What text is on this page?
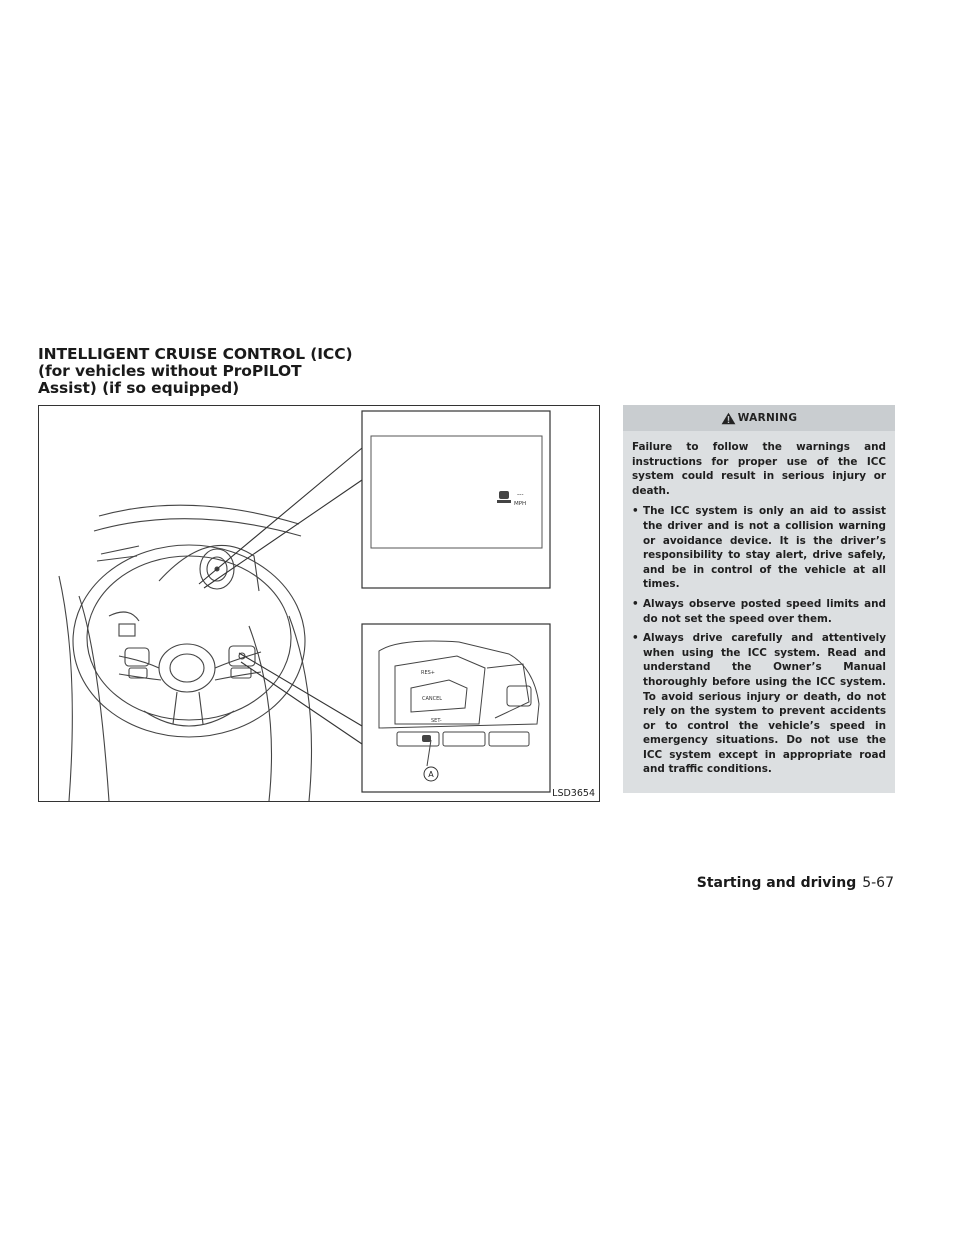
INTELLIGENT CRUISE CONTROL (ICC)
(for vehicles without ProPILOT
Assist) (if so equipped)
---
MPH
RES+
CANCEL
SET-
A
LSD3654
WARNING

Failure to follow the warnings and instructions for proper use of the ICC system could result in serious injury or death.

• The ICC system is only an aid to assist the driver and is not a collision warning or avoidance device. It is the driver’s responsibility to stay alert, drive safely, and be in control of the vehicle at all times.
• Always observe posted speed limits and do not set the speed over them.
• Always drive carefully and attentively when using the ICC system. Read and understand the Owner’s Manual thoroughly before using the ICC system. To avoid serious injury or death, do not rely on the system to prevent accidents or to control the vehicle’s speed in emergency situations. Do not use the ICC system except in appropriate road and traffic conditions.
Starting and driving 5-67
